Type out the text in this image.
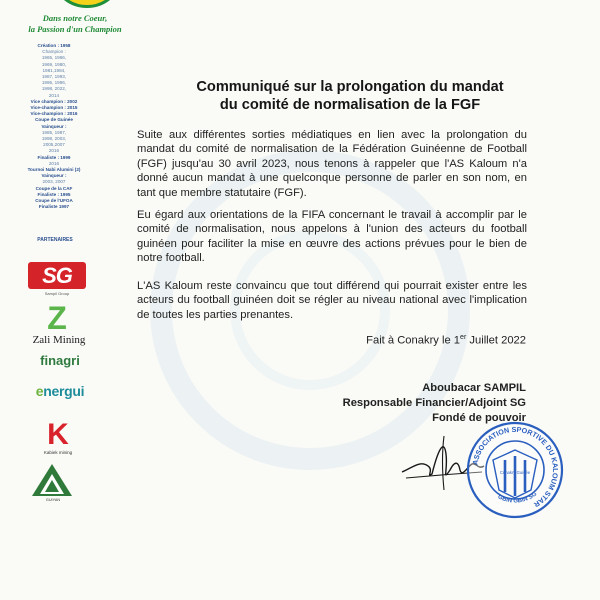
Dans notre Coeur,
la Passion d'un Champion
Création : 1958
Champion :
1965, 1966,
1969, 1980,
1981,1984,
1987, 1993,
1995, 1996,
1998, 2022,
2014
Vice champion : 2002
Vice-champion : 2015
Vice-champion : 2016
Coupe de Guinée
Vainqueur :
1985, 1987,
1998, 2003,
2005,2007
2016
Finaliste : 1999
2016
Tournoi Nabi Alumini (2)
Vainqueur :
2003, 2007
Coupe de la CAF
Finaliste : 1995
Coupe de l'UFOA
Finaliste 1997
PARTENAIRES
SG
Sampil Group
Z
Zali Mining
finagri
energui
K
Kabiek mining
GUIYAN
Communiqué sur la prolongation du mandat
du comité de normalisation de la FGF

Suite aux différentes sorties médiatiques en lien avec la prolongation du mandat du comité de normalisation de la Fédération Guinéenne de Football (FGF) jusqu'au 30 avril 2023, nous tenons à rappeler que l'AS Kaloum n'a donné aucun mandat à une quelconque personne de parler en son nom, en tant que membre statutaire (FGF).

Eu égard aux orientations de la FIFA concernant le travail à accomplir par le comité de normalisation, nous appelons à l'union des acteurs du football guinéen pour faciliter la mise en œuvre des actions prévues pour le bien de notre football.

L'AS Kaloum reste convaincu que tout différend qui pourrait exister entre les acteurs du football guinéen doit se régler au niveau national avec l'implication de toutes les parties prenantes.

Fait à Conakry le 1er Juillet 2022
Aboubacar SAMPIL
Responsable Financier/Adjoint SG
Fondé de pouvoir
ASSOCIATION SPORTIVE DU KALOUM STAR
GBIN GBIN SG
Conakry Guinée
